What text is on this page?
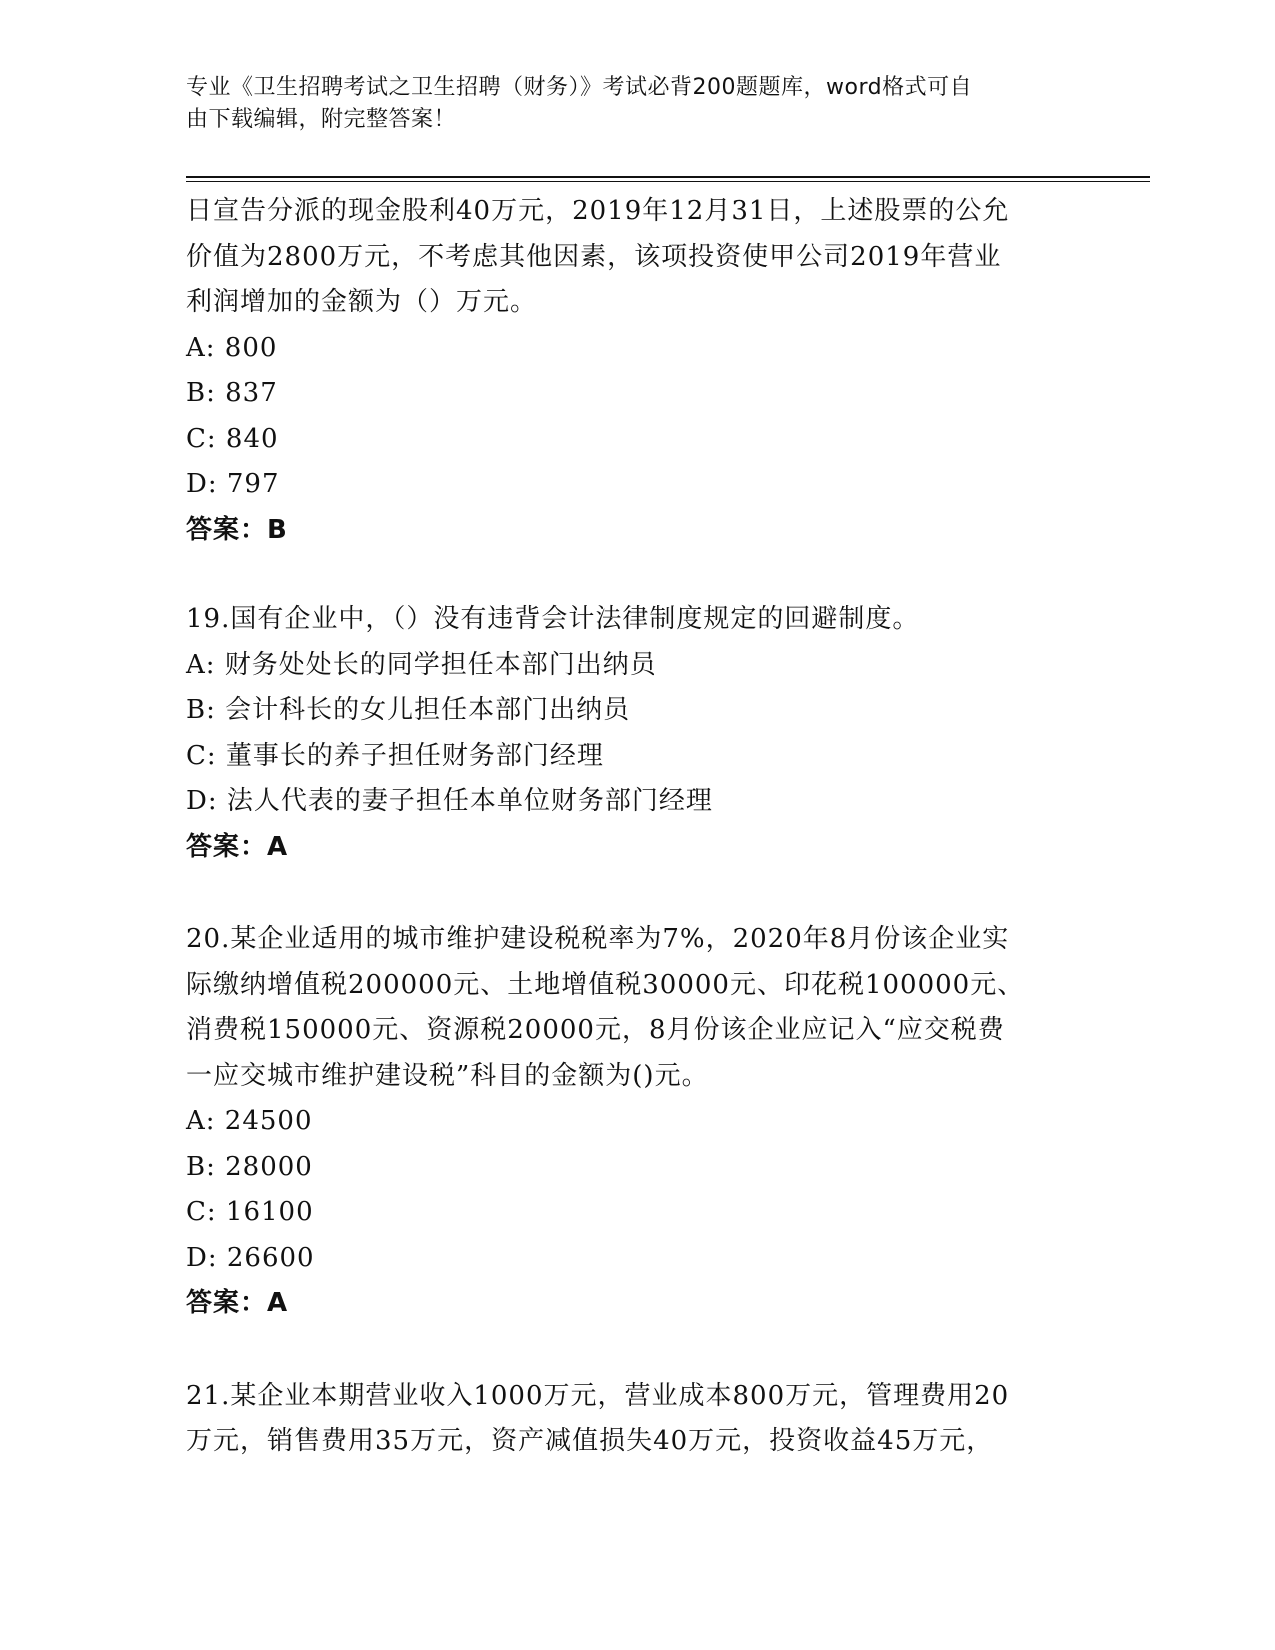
专业《卫生招聘考试之卫生招聘（财务）》考试必背200题题库，word格式可自
由下载编辑，附完整答案！
日宣告分派的现金股利40万元，2019年12月31日，上述股票的公允
价值为2800万元，不考虑其他因素，该项投资使甲公司2019年营业
利润增加的金额为（）万元。
A: 800
B: 837
C: 840
D: 797
答案：B
19.国有企业中，（）没有违背会计法律制度规定的回避制度。
A: 财务处处长的同学担任本部门出纳员
B: 会计科长的女儿担任本部门出纳员
C: 董事长的养子担任财务部门经理
D: 法人代表的妻子担任本单位财务部门经理
答案：A
20.某企业适用的城市维护建设税税率为7%，2020年8月份该企业实
际缴纳增值税200000元、土地增值税30000元、印花税100000元、
消费税150000元、资源税20000元，8月份该企业应记入“应交税费
一应交城市维护建设税”科目的金额为()元。
A: 24500
B: 28000
C: 16100
D: 26600
答案：A
21.某企业本期营业收入1000万元，营业成本800万元，管理费用20
万元，销售费用35万元，资产减值损失40万元，投资收益45万元，
